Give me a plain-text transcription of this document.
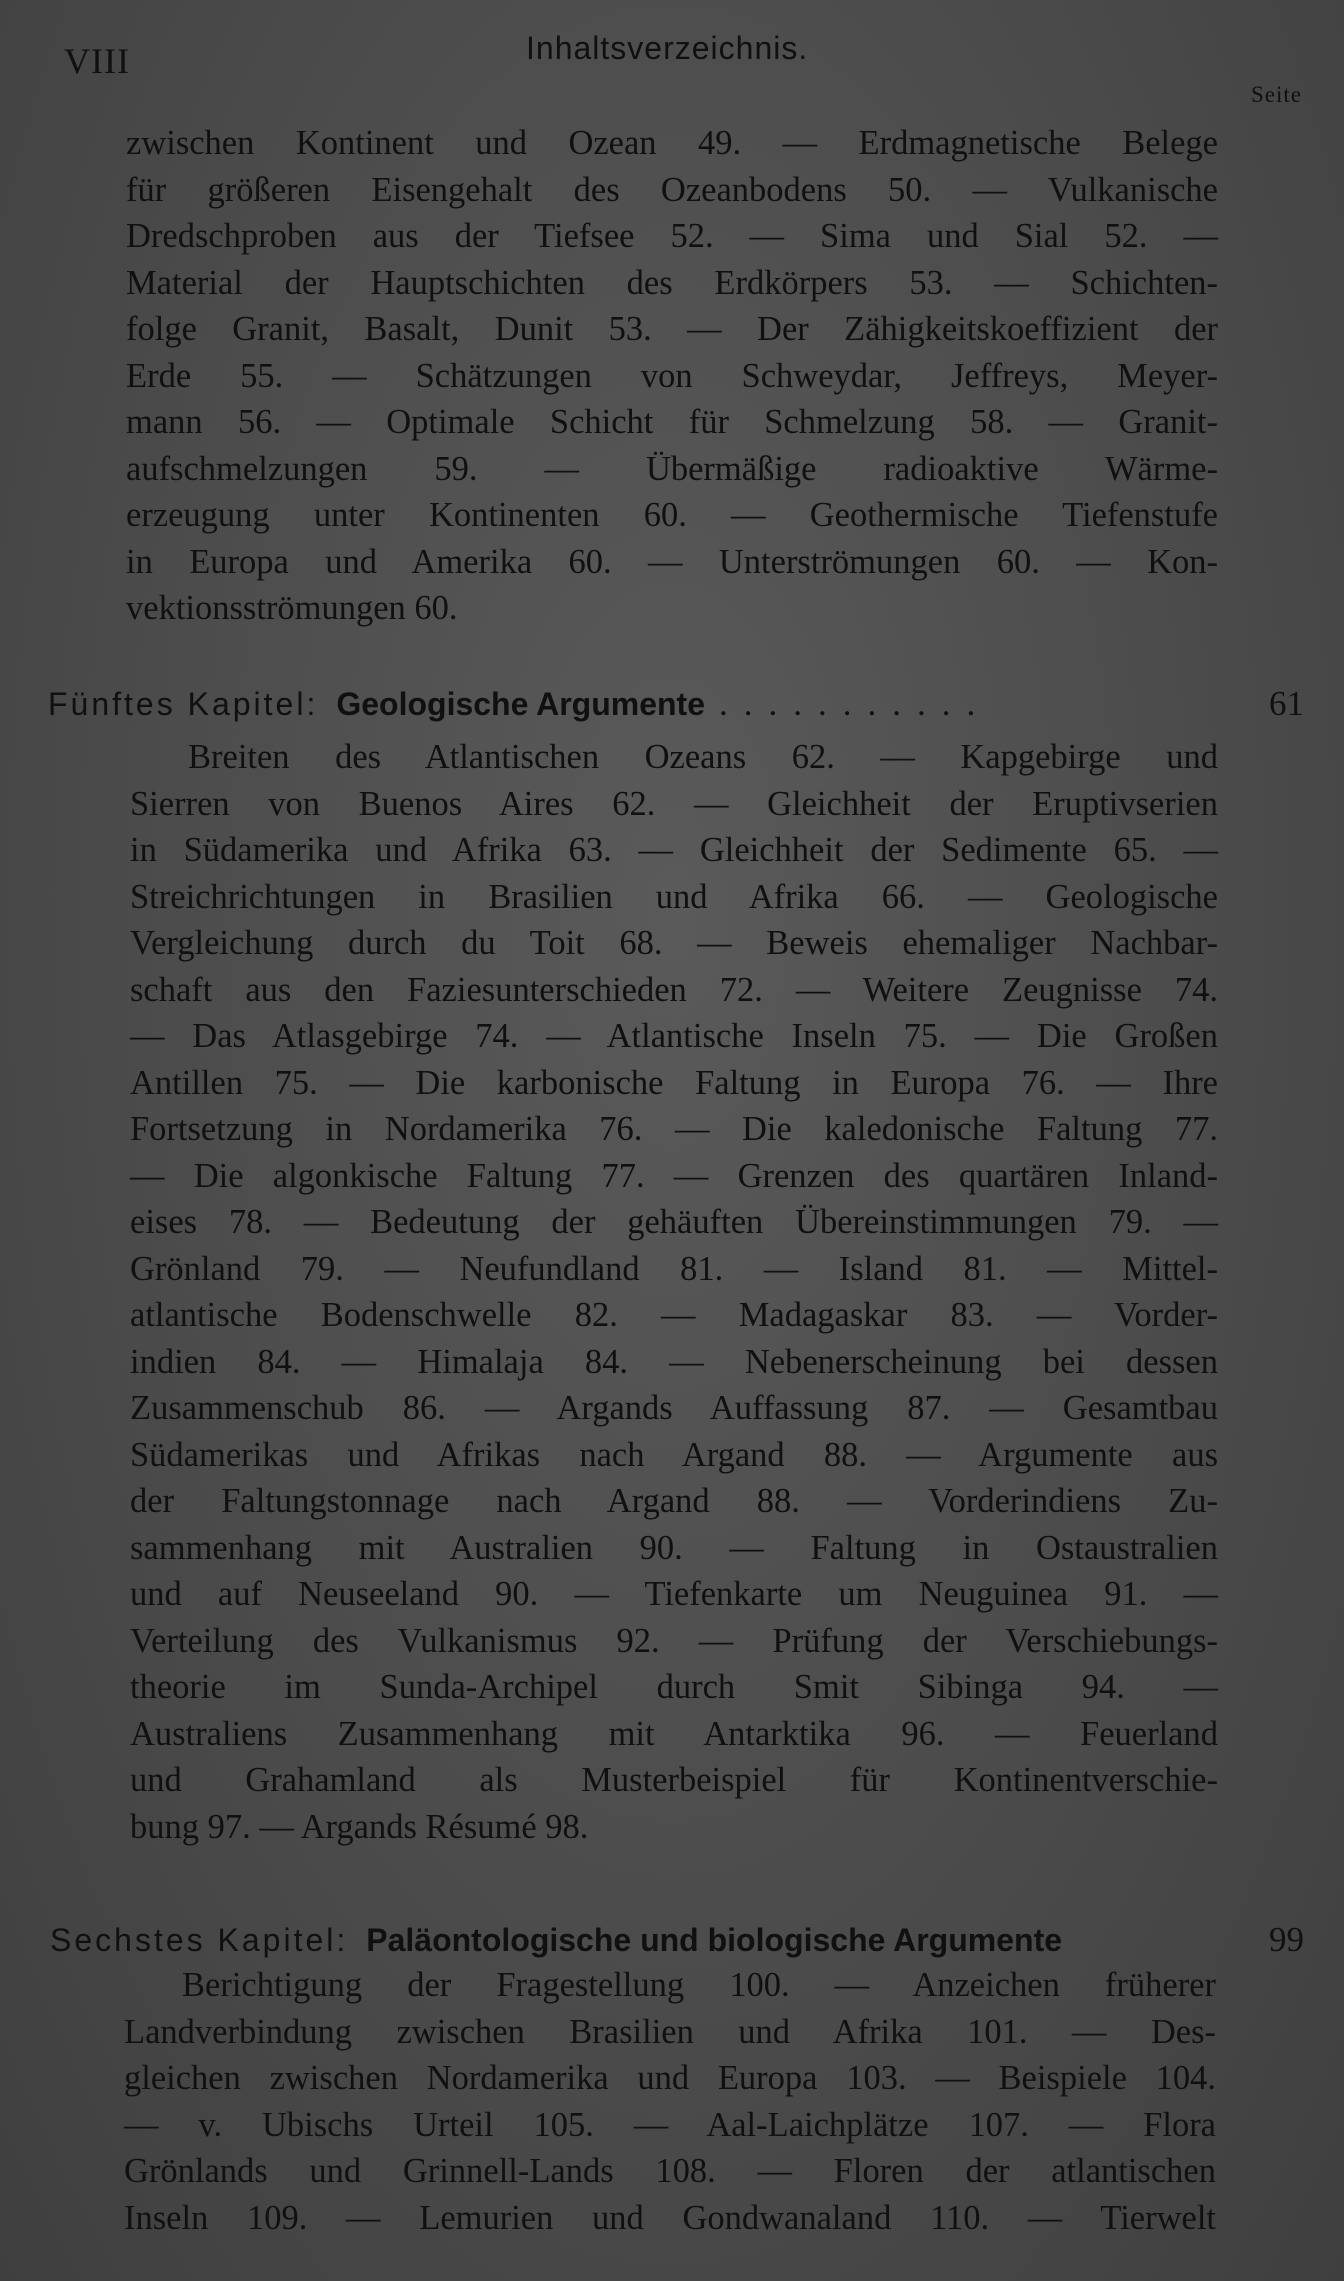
VIII	Inhaltsverzeichnis.
Seite
zwischen Kontinent und Ozean 49. — Erdmagnetische Belege
für größeren Eisengehalt des Ozeanbodens 50. — Vulkanische
Dredschproben aus der Tiefsee 52. — Sima und Sial 52. —
Material der Hauptschichten des Erdkörpers 53. — Schichten-
folge Granit, Basalt, Dunit 53. — Der Zähigkeitskoeffizient der
Erde 55. — Schätzungen von Schweydar, Jeffreys, Meyer-
mann 56. — Optimale Schicht für Schmelzung 58. — Granit-
aufschmelzungen 59. — Übermäßige radioaktive Wärme-
erzeugung unter Kontinenten 60. — Geothermische Tiefenstufe
in Europa und Amerika 60. — Unterströmungen 60. — Kon-
vektionsströmungen 60.
Fünftes Kapitel: Geologische Argumente ...........	61
Breiten des Atlantischen Ozeans 62. — Kapgebirge und
Sierren von Buenos Aires 62. — Gleichheit der Eruptivserien
in Südamerika und Afrika 63. — Gleichheit der Sedimente 65. —
Streichrichtungen in Brasilien und Afrika 66. — Geologische
Vergleichung durch du Toit 68. — Beweis ehemaliger Nachbar-
schaft aus den Faziesunterschieden 72. — Weitere Zeugnisse 74.
— Das Atlasgebirge 74. — Atlantische Inseln 75. — Die Großen
Antillen 75. — Die karbonische Faltung in Europa 76. — Ihre
Fortsetzung in Nordamerika 76. — Die kaledonische Faltung 77.
— Die algonkische Faltung 77. — Grenzen des quartären Inland-
eises 78. — Bedeutung der gehäuften Übereinstimmungen 79. —
Grönland 79. — Neufundland 81. — Island 81. — Mittel-
atlantische Bodenschwelle 82. — Madagaskar 83. — Vorder-
indien 84. — Himalaja 84. — Nebenerscheinung bei dessen
Zusammenschub 86. — Argands Auffassung 87. — Gesamtbau
Südamerikas und Afrikas nach Argand 88. — Argumente aus
der Faltungstonnage nach Argand 88. — Vorderindiens Zu-
sammenhang mit Australien 90. — Faltung in Ostaustralien
und auf Neuseeland 90. — Tiefenkarte um Neuguinea 91. —
Verteilung des Vulkanismus 92. — Prüfung der Verschiebungs-
theorie im Sunda-Archipel durch Smit Sibinga 94. —
Australiens Zusammenhang mit Antarktika 96. — Feuerland
und Grahamland als Musterbeispiel für Kontinentverschie-
bung 97. — Argands Résumé 98.
Sechstes Kapitel: Paläontologische und biologische Argumente	99
Berichtigung der Fragestellung 100. — Anzeichen früherer
Landverbindung zwischen Brasilien und Afrika 101. — Des-
gleichen zwischen Nordamerika und Europa 103. — Beispiele 104.
— v. Ubischs Urteil 105. — Aal-Laichplätze 107. — Flora
Grönlands und Grinnell-Lands 108. — Floren der atlantischen
Inseln 109. — Lemurien und Gondwanaland 110. — Tierwelt
